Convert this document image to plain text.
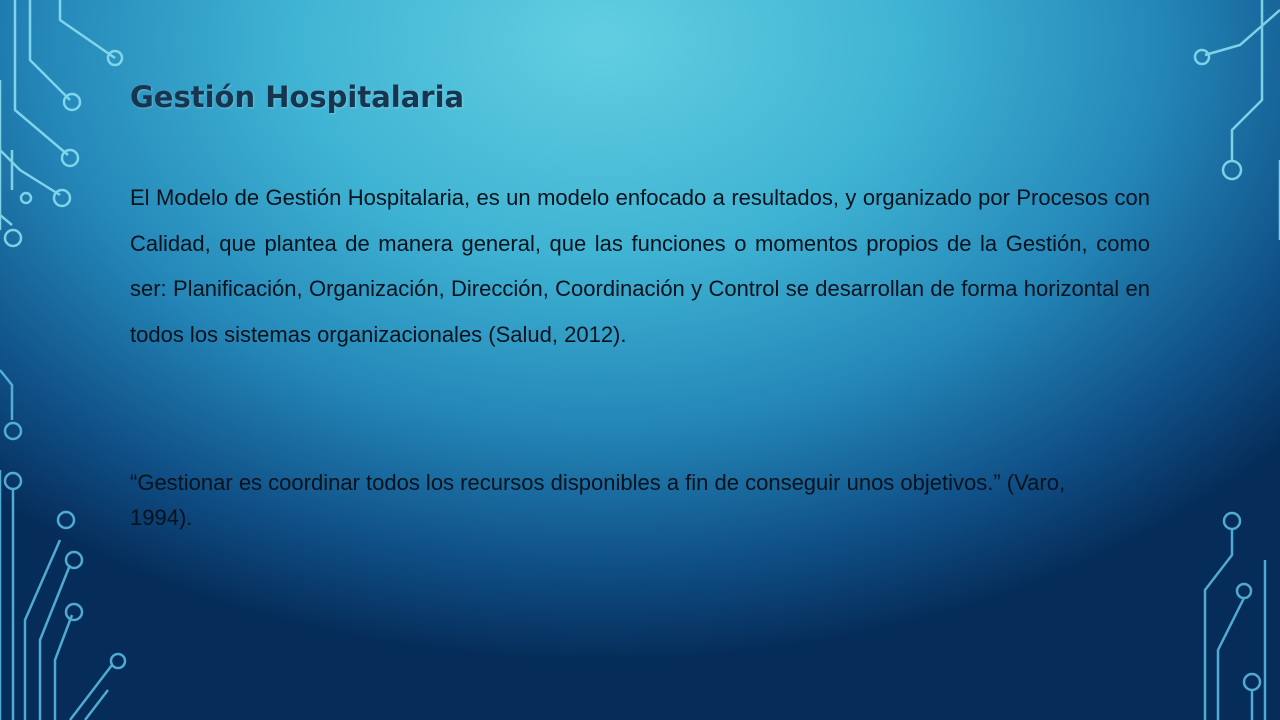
Gestión Hospitalaria

El Modelo de Gestión Hospitalaria, es un modelo enfocado a resultados, y organizado por Procesos con Calidad, que plantea de manera general, que las funciones o momentos propios de la Gestión, como ser: Planificación, Organización, Dirección, Coordinación y Control se desarrollan de forma horizontal en todos los sistemas organizacionales (Salud, 2012).

“Gestionar es coordinar todos los recursos disponibles a fin de conseguir unos objetivos.” (Varo, 1994).
